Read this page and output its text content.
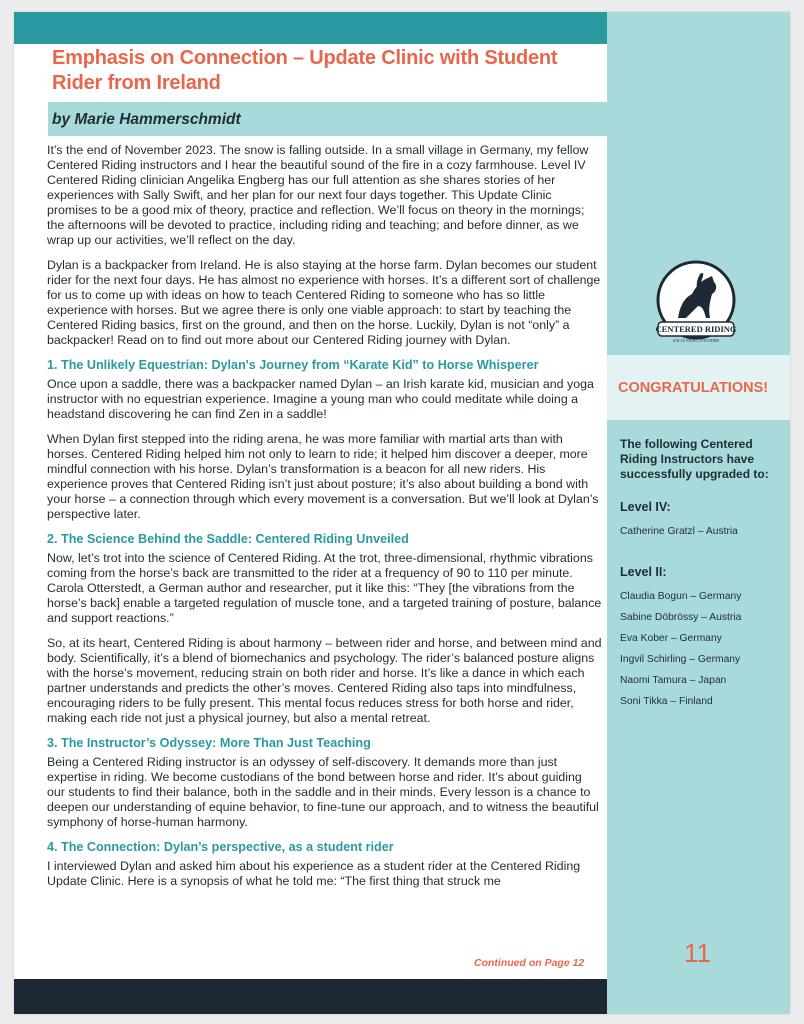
Emphasis on Connection – Update Clinic with Student Rider from Ireland
by Marie Hammerschmidt

It’s the end of November 2023. The snow is falling outside. In a small village in Germany, my fellow Centered Riding instructors and I hear the beautiful sound of the fire in a cozy farmhouse. Level IV Centered Riding clinician Angelika Engberg has our full attention as she shares stories of her experiences with Sally Swift, and her plan for our next four days together. This Update Clinic promises to be a good mix of theory, practice and reflection. We’ll focus on theory in the mornings; the afternoons will be devoted to practice, including riding and teaching; and before dinner, as we wrap up our activities, we’ll reflect on the day.

Dylan is a backpacker from Ireland. He is also staying at the horse farm. Dylan becomes our student rider for the next four days. He has almost no experience with horses. It’s a different sort of challenge for us to come up with ideas on how to teach Centered Riding to someone who has so little experience with horses. But we agree there is only one viable approach: to start by teaching the Centered Riding basics, first on the ground, and then on the horse. Luckily, Dylan is not “only” a backpacker! Read on to find out more about our Centered Riding journey with Dylan.

1. The Unlikely Equestrian: Dylan's Journey from “Karate Kid” to Horse Whisperer

Once upon a saddle, there was a backpacker named Dylan – an Irish karate kid, musician and yoga instructor with no equestrian experience. Imagine a young man who could meditate while doing a headstand discovering he can find Zen in a saddle!

When Dylan first stepped into the riding arena, he was more familiar with martial arts than with horses. Centered Riding helped him not only to learn to ride; it helped him discover a deeper, more mindful connection with his horse. Dylan’s transformation is a beacon for all new riders. His experience proves that Centered Riding isn’t just about posture; it’s also about building a bond with your horse – a connection through which every movement is a conversation. But we’ll look at Dylan’s perspective later.

2. The Science Behind the Saddle: Centered Riding Unveiled

Now, let’s trot into the science of Centered Riding. At the trot, three-dimensional, rhythmic vibrations coming from the horse’s back are transmitted to the rider at a frequency of 90 to 110 per minute. Carola Otterstedt, a German author and researcher, put it like this: “They [the vibrations from the horse’s back] enable a targeted regulation of muscle tone, and a targeted training of posture, balance and support reactions.”

So, at its heart, Centered Riding is about harmony – between rider and horse, and between mind and body. Scientifically, it’s a blend of biomechanics and psychology. The rider’s balanced posture aligns with the horse’s movement, reducing strain on both rider and horse. It’s like a dance in which each partner understands and predicts the other’s moves. Centered Riding also taps into mindfulness, encouraging riders to be fully present. This mental focus reduces stress for both horse and rider, making each ride not just a physical journey, but also a mental retreat.

3. The Instructor’s Odyssey: More Than Just Teaching

Being a Centered Riding instructor is an odyssey of self-discovery. It demands more than just expertise in riding. We become custodians of the bond between horse and rider. It’s about guiding our students to find their balance, both in the saddle and in their minds. Every lesson is a chance to deepen our understanding of equine behavior, to fine-tune our approach, and to witness the beautiful symphony of horse-human harmony.

4. The Connection: Dylan’s perspective, as a student rider

I interviewed Dylan and asked him about his experience as a student rider at the Centered Riding Update Clinic. Here is a synopsis of what he told me: “The first thing that struck me

Continued on Page 12
CENTERED RIDING
SALLY SWIFT, FOUNDER
CONGRATULATIONS!

The following Centered Riding Instructors have successfully upgraded to:

Level IV:

Catherine Gratzl – Austria

Level II:

Claudia Bogun – Germany

Sabine Döbrössy – Austria

Eva Kober – Germany

Ingvil Schirling – Germany

Naomi Tamura – Japan

Soni Tikka – Finland

11
